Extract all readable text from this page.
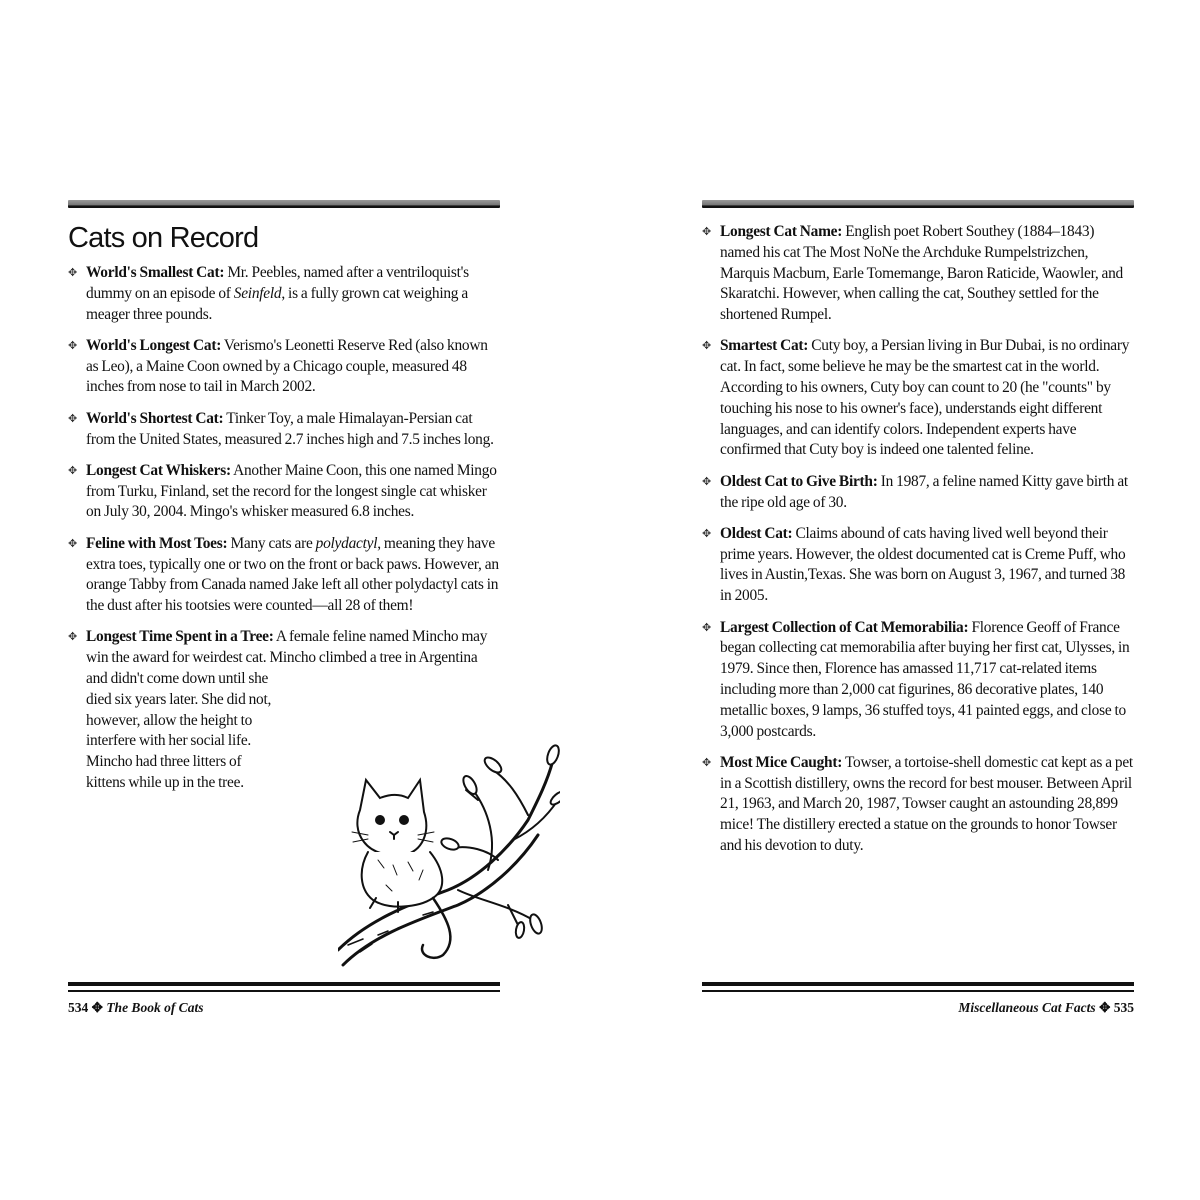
Cats on Record
✥ World's Smallest Cat: Mr. Peebles, named after a ventriloquist's dummy on an episode of Seinfeld, is a fully grown cat weighing a meager three pounds.
✥ World's Longest Cat: Verismo's Leonetti Reserve Red (also known as Leo), a Maine Coon owned by a Chicago couple, measured 48 inches from nose to tail in March 2002.
✥ World's Shortest Cat: Tinker Toy, a male Himalayan-Persian cat from the United States, measured 2.7 inches high and 7.5 inches long.
✥ Longest Cat Whiskers: Another Maine Coon, this one named Mingo from Turku, Finland, set the record for the longest single cat whisker on July 30, 2004. Mingo's whisker measured 6.8 inches.
✥ Feline with Most Toes: Many cats are polydactyl, meaning they have extra toes, typically one or two on the front or back paws. However, an orange Tabby from Canada named Jake left all other polydactyl cats in the dust after his tootsies were counted—all 28 of them!
✥ Longest Time Spent in a Tree: A female feline named Mincho may win the award for weirdest cat. Mincho climbed a tree in Argentina and didn't come down until she died six years later. She did not, however, allow the height to interfere with her social life. Mincho had three litters of kittens while up in the tree.
534 ✥ The Book of Cats
✥ Longest Cat Name: English poet Robert Southey (1884–1843) named his cat The Most NoNe the Archduke Rumpelstrizchen, Marquis Macbum, Earle Tomemange, Baron Raticide, Waowler, and Skaratchi. However, when calling the cat, Southey settled for the shortened Rumpel.
✥ Smartest Cat: Cuty boy, a Persian living in Bur Dubai, is no ordinary cat. In fact, some believe he may be the smartest cat in the world. According to his owners, Cuty boy can count to 20 (he "counts" by touching his nose to his owner's face), understands eight different languages, and can identify colors. Independent experts have confirmed that Cuty boy is indeed one talented feline.
✥ Oldest Cat to Give Birth: In 1987, a feline named Kitty gave birth at the ripe old age of 30.
✥ Oldest Cat: Claims abound of cats having lived well beyond their prime years. However, the oldest documented cat is Creme Puff, who lives in Austin,Texas. She was born on August 3, 1967, and turned 38 in 2005.
✥ Largest Collection of Cat Memorabilia: Florence Geoff of France began collecting cat memorabilia after buying her first cat, Ulysses, in 1979. Since then, Florence has amassed 11,717 cat-related items including more than 2,000 cat figurines, 86 decorative plates, 140 metallic boxes, 9 lamps, 36 stuffed toys, 41 painted eggs, and close to 3,000 postcards.
✥ Most Mice Caught: Towser, a tortoise-shell domestic cat kept as a pet in a Scottish distillery, owns the record for best mouser. Between April 21, 1963, and March 20, 1987, Towser caught an astounding 28,899 mice! The distillery erected a statue on the grounds to honor Towser and his devotion to duty.
Miscellaneous Cat Facts ✥ 535
